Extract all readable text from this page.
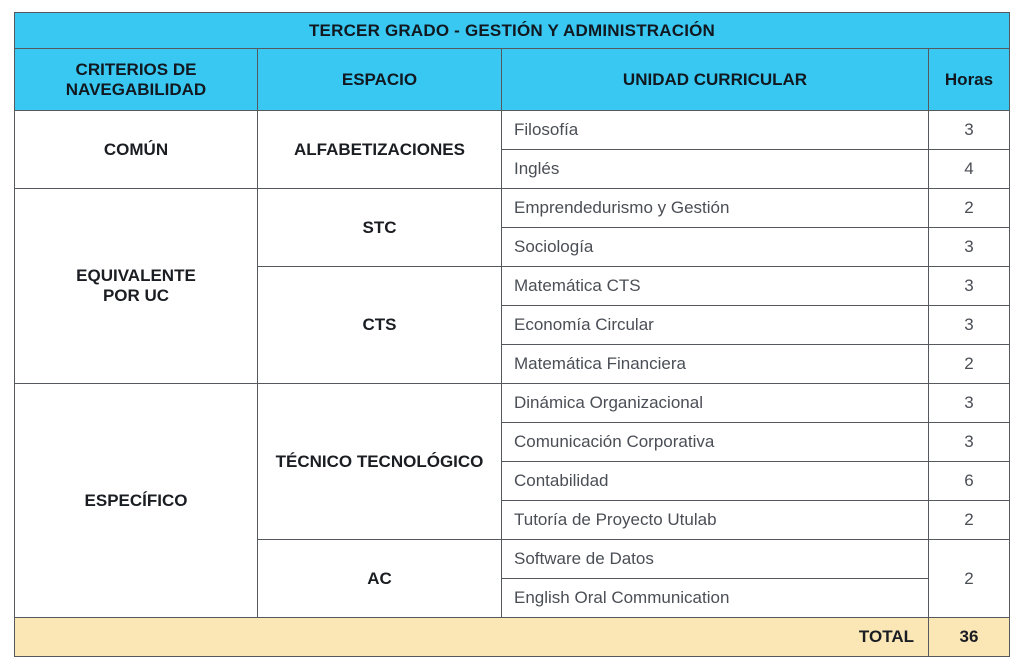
TERCER GRADO - GESTIÓN Y ADMINISTRACIÓN			
CRITERIOS DE
NAVEGABILIDAD	ESPACIO	UNIDAD CURRICULAR	Horas
COMÚN	ALFABETIZACIONES	Filosofía	3
		Inglés	4
EQUIVALENTE
POR UC	STC	Emprendedurismo y Gestión	2
		Sociología	3
	CTS	Matemática CTS	3
		Economía Circular	3
		Matemática Financiera	2
ESPECÍFICO	TÉCNICO TECNOLÓGICO	Dinámica Organizacional	3
		Comunicación Corporativa	3
		Contabilidad	6
		Tutoría de Proyecto Utulab	2
	AC	Software de Datos	2
		English Oral Communication	
TOTAL			36
